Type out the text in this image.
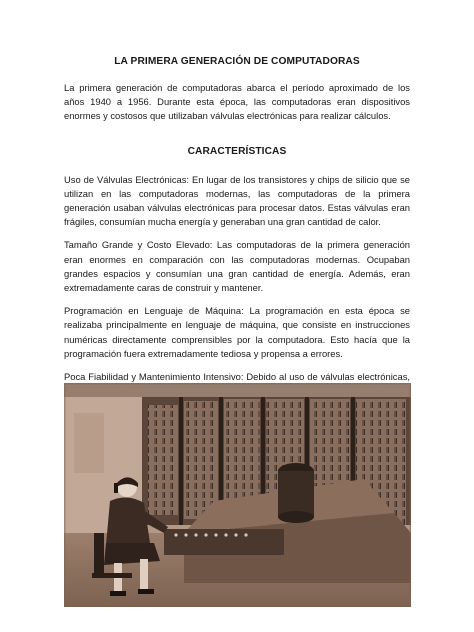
LA PRIMERA GENERACIÓN DE COMPUTADORAS

La primera generación de computadoras abarca el período aproximado de los años 1940 a 1956. Durante esta época, las computadoras eran dispositivos enormes y costosos que utilizaban válvulas electrónicas para realizar cálculos.

CARACTERÍSTICAS

Uso de Válvulas Electrónicas: En lugar de los transistores y chips de silicio que se utilizan en las computadoras modernas, las computadoras de la primera generación usaban válvulas electrónicas para procesar datos. Estas válvulas eran frágiles, consumían mucha energía y generaban una gran cantidad de calor.

Tamaño Grande y Costo Elevado: Las computadoras de la primera generación eran enormes en comparación con las computadoras modernas. Ocupaban grandes espacios y consumían una gran cantidad de energía. Además, eran extremadamente caras de construir y mantener.

Programación en Lenguaje de Máquina: La programación en esta época se realizaba principalmente en lenguaje de máquina, que consiste en instrucciones numéricas directamente comprensibles por la computadora. Esto hacía que la programación fuera extremadamente tediosa y propensa a errores.

Poca Fiabilidad y Mantenimiento Intensivo: Debido al uso de válvulas electrónicas,
